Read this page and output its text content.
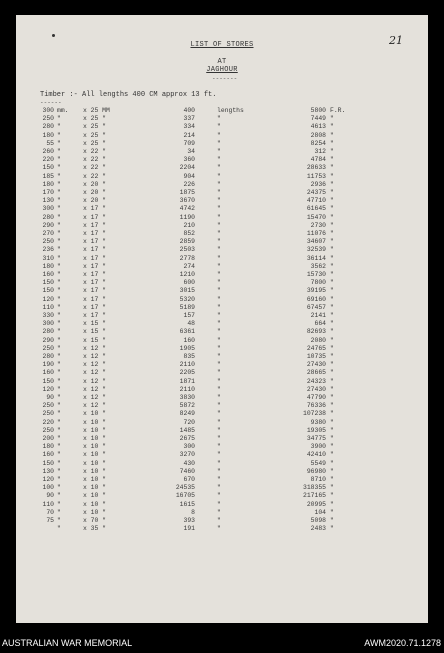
21
LIST OF STORES
AT
JAGHOUR
-------
Timber :- All lengths 400 CM approx 13 ft.
------
300 mm. x 25 MM	400	lengths	5800 F.R.
250 "	x 25 "	337	"	7449 "
280 "	x 25 "	334	"	4613 "
180 "	x 25 "	214	"	2808 "
55 "	x 25 "	709	"	8254 "
260 "	x 22 "	34	"	312 "
220 "	x 22 "	360	"	4784 "
150 "	x 22 "	2204	"	28633 "
185 "	x 22 "	904	"	11753 "
180 "	x 20 "	226	"	2936 "
170 "	x 20 "	1875	"	24375 "
130 "	x 20 "	3670	"	47710 "
300 "	x 17 "	4742	"	61645 "
280 "	x 17 "	1190	"	15470 "
290 "	x 17 "	210	"	2730 "
270 "	x 17 "	852	"	11076 "
250 "	x 17 "	2859	"	34607 "
236 "	x 17 "	2503	"	32539 "
310 "	x 17 "	2778	"	36114 "
180 "	x 17 "	274	"	3562 "
160 "	x 17 "	1210	"	15730 "
150 "	x 17 "	600	"	7800 "
150 "	x 17 "	3015	"	39195 "
120 "	x 17 "	5320	"	69160 "
110 "	x 17 "	5189	"	67457 "
330 "	x 17 "	157	"	2141 "
300 "	x 15 "	48	"	664 "
280 "	x 15 "	6361	"	82693 "
290 "	x 15 "	160	"	2080 "
250 "	x 12 "	1905	"	24765 "
280 "	x 12 "	835	"	10735 "
190 "	x 12 "	2110	"	27430 "
160 "	x 12 "	2205	"	28665 "
150 "	x 12 "	1871	"	24323 "
120 "	x 12 "	2110	"	27430 "
90 "	x 12 "	3830	"	47790 "
250 "	x 12 "	5872	"	76336 "
250 "	x 10 "	8249	"	107238 "
220 "	x 10 "	720	"	9380 "
250 "	x 10 "	1485	"	19305 "
200 "	x 10 "	2675	"	34775 "
180 "	x 10 "	300	"	3900 "
160 "	x 10 "	3270	"	42410 "
150 "	x 10 "	430	"	5549 "
130 "	x 10 "	7460	"	96980 "
120 "	x 10 "	670	"	8710 "
100 "	x 10 "	24535	"	318355 "
90 "	x 10 "	16705	"	217165 "
110 "	x 10 "	1615	"	20995 "
70 "	x 10 "	8	"	104 "
75 "	x 70 "	393	"	5098 "
"	x 35 "	191	"	2483 "
AUSTRALIAN WAR MEMORIAL	AWM2020.71.1278
